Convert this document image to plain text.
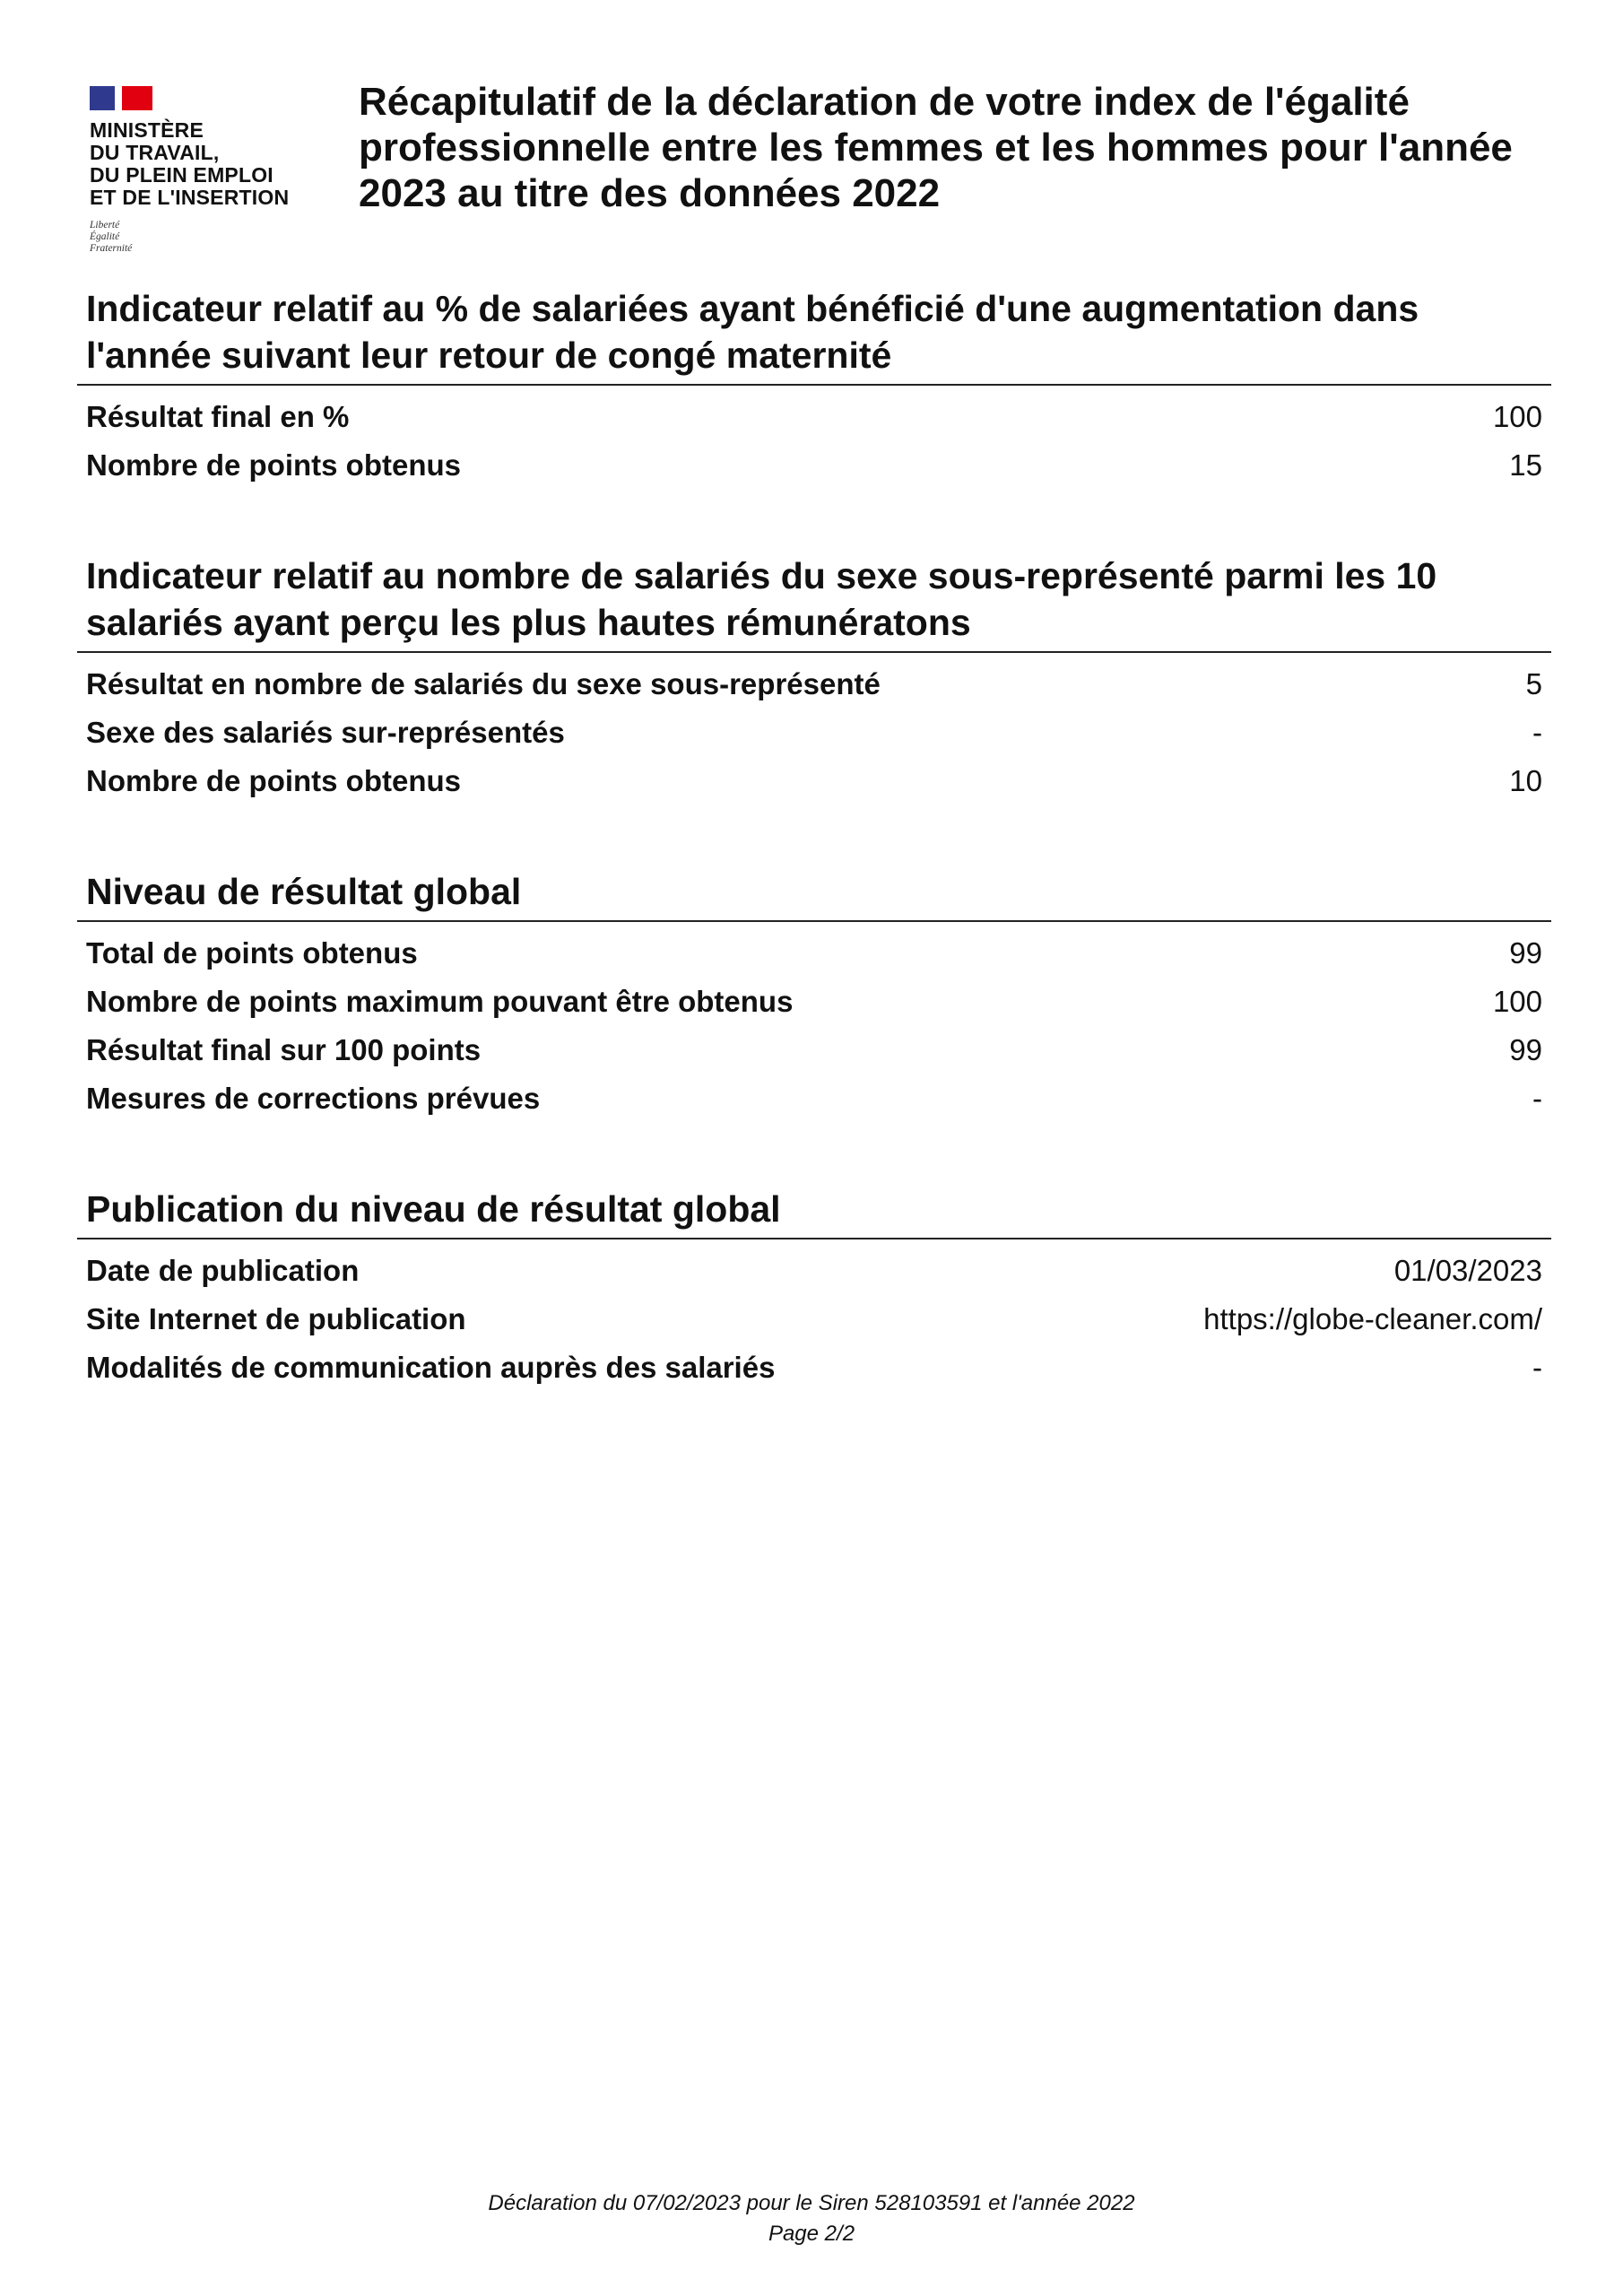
MINISTÈRE
DU TRAVAIL,
DU PLEIN EMPLOI
ET DE L'INSERTION
Liberté
Égalité
Fraternité
Récapitulatif de la déclaration de votre index de l'égalité professionnelle entre les femmes et les hommes pour l'année 2023 au titre des données 2022
Indicateur relatif au % de salariées ayant bénéficié d'une augmentation dans l'année suivant leur retour de congé maternité
Résultat final en %	100
Nombre de points obtenus	15
Indicateur relatif au nombre de salariés du sexe sous-représenté parmi les 10 salariés ayant perçu les plus hautes rémunératons
Résultat en nombre de salariés du sexe sous-représenté	5
Sexe des salariés sur-représentés	-
Nombre de points obtenus	10
Niveau de résultat global
Total de points obtenus	99
Nombre de points maximum pouvant être obtenus	100
Résultat final sur 100 points	99
Mesures de corrections prévues	-
Publication du niveau de résultat global
Date de publication	01/03/2023
Site Internet de publication	https://globe-cleaner.com/
Modalités de communication auprès des salariés	-
Déclaration du 07/02/2023 pour le Siren 528103591 et l'année 2022
Page 2/2
